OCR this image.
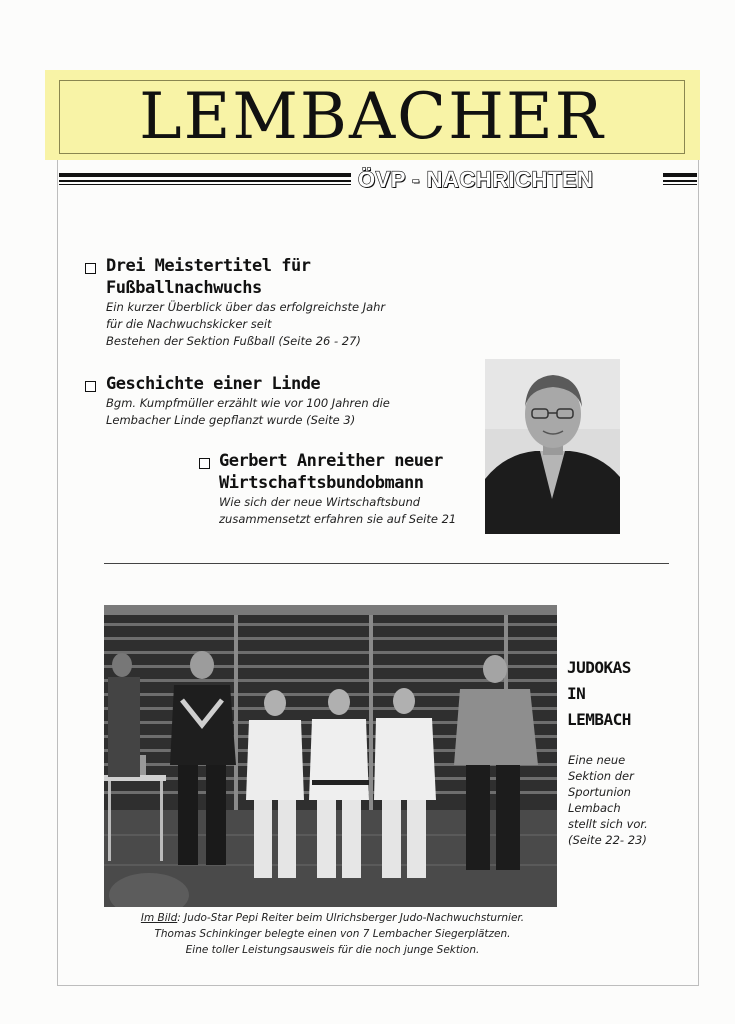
LEMBACHER
ÖVP - NACHRICHTEN
Drei Meistertitel für
Fußballnachwuchs
Ein kurzer Überblick über das erfolgreichste Jahr
für die Nachwuchskicker seit
Bestehen der Sektion Fußball (Seite 26 - 27)
Geschichte einer Linde
Bgm. Kumpfmüller erzählt wie vor 100 Jahren die
Lembacher Linde gepflanzt wurde (Seite 3)
Gerbert Anreither neuer
Wirtschaftsbundobmann
Wie sich der neue Wirtschaftsbund
zusammensetzt erfahren sie auf Seite 21
JUDOKAS
IN
LEMBACH
Eine neue
Sektion der
Sportunion
Lembach
stellt sich vor.
(Seite 22- 23)
Im Bild: Judo-Star Pepi Reiter beim Ulrichsberger Judo-Nachwuchsturnier.
Thomas Schinkinger belegte einen von 7 Lembacher Siegerplätzen.
Eine toller Leistungsausweis für die noch junge Sektion.
